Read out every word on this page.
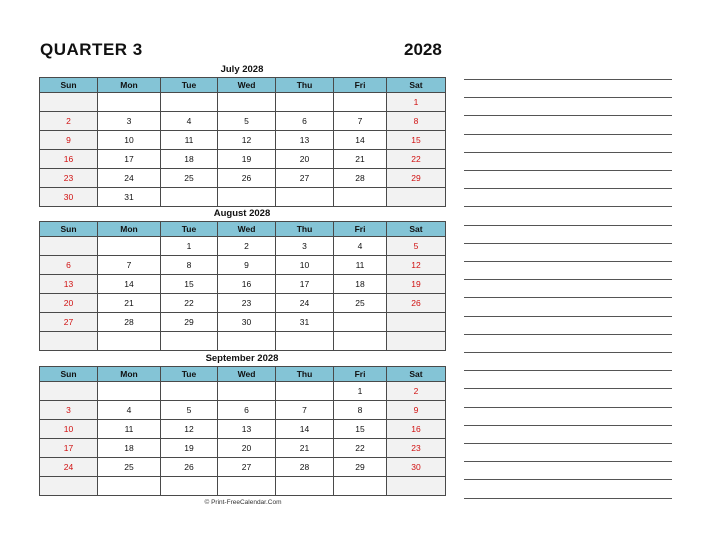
QUARTER 3	2028
July 2028
Sun	Mon	Tue	Wed	Thu	Fri	Sat
						1
2	3	4	5	6	7	8
9	10	11	12	13	14	15
16	17	18	19	20	21	22
23	24	25	26	27	28	29
30	31					
August 2028
Sun	Mon	Tue	Wed	Thu	Fri	Sat
		1	2	3	4	5
6	7	8	9	10	11	12
13	14	15	16	17	18	19
20	21	22	23	24	25	26
27	28	29	30	31		

September 2028
Sun	Mon	Tue	Wed	Thu	Fri	Sat
					1	2
3	4	5	6	7	8	9
10	11	12	13	14	15	16
17	18	19	20	21	22	23
24	25	26	27	28	29	30

© Print-FreeCalendar.Com
